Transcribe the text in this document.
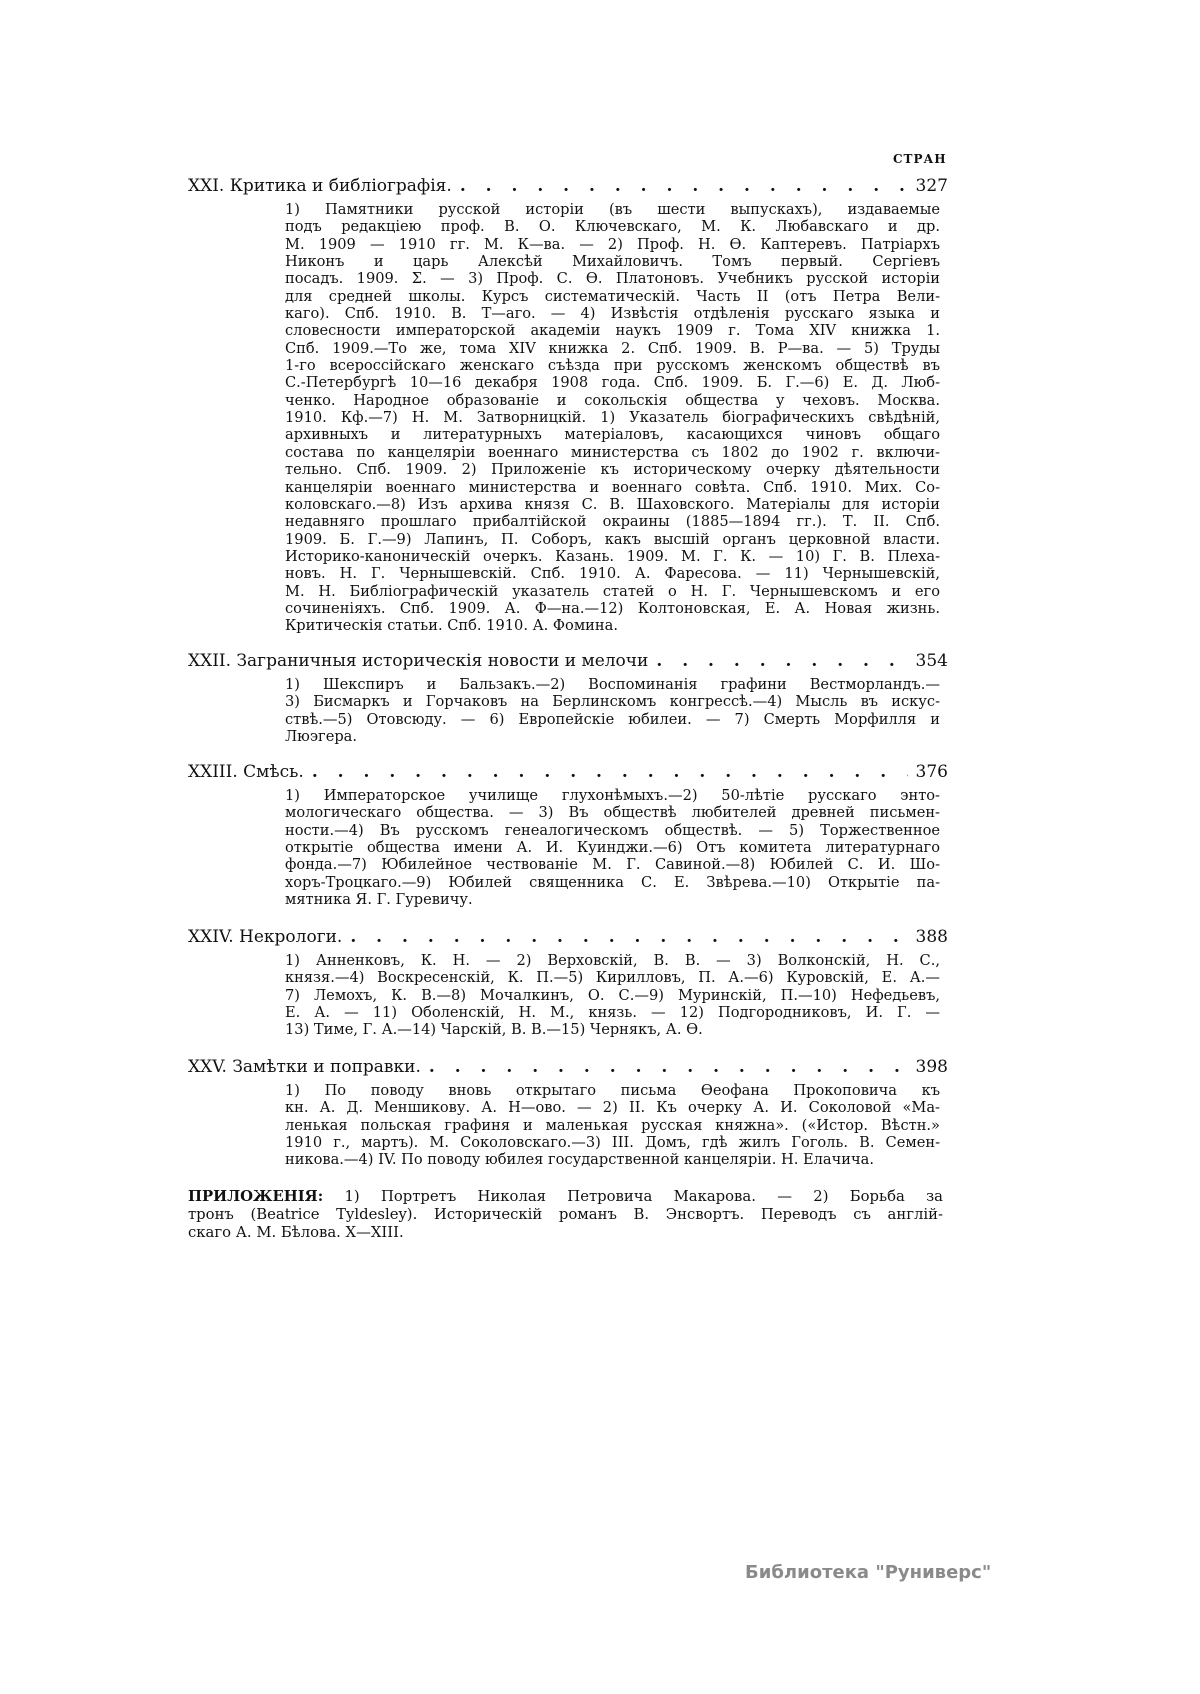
СТРАН
XXI. Критика и библіографія. . . .	327
1) Памятники русской исторіи (въ шести выпускахъ), издаваемые
подъ редакціею проф. В. О. Ключевскаго, М. К. Любавскаго и др.
М. 1909 — 1910 гг. М. К—ва. — 2) Проф. Н. Ѳ. Каптеревъ. Патріархъ
Никонъ и царь Алексѣй Михайловичъ. Томъ первый. Сергіевъ
посадъ. 1909. Σ. — 3) Проф. С. Ѳ. Платоновъ. Учебникъ русской исторіи
для средней школы. Курсъ систематическій. Часть II (отъ Петра Вели-
каго). Спб. 1910. В. Т—аго. — 4) Извѣстія отдѣленія русскаго языка и
словесности императорской академіи наукъ 1909 г. Тома XIV книжка 1.
Спб. 1909.—То же, тома XIV книжка 2. Спб. 1909. В. Р—ва. — 5) Труды
1-го всероссійскаго женскаго съѣзда при русскомъ женскомъ обществѣ въ
С.-Петербургѣ 10—16 декабря 1908 года. Спб. 1909. Б. Г.—6) Е. Д. Люб-
ченко. Народное образованіе и сокольскія общества у чеховъ. Москва.
1910. Кф.—7) Н. М. Затворницкій. 1) Указатель біографическихъ свѣдѣній,
архивныхъ и литературныхъ матеріаловъ, касающихся чиновъ общаго
состава по канцеляріи военнаго министерства съ 1802 до 1902 г. включи-
тельно. Спб. 1909. 2) Приложеніе къ историческому очерку дѣятельности
канцеляріи военнаго министерства и военнаго совѣта. Спб. 1910. Мих. Со-
коловскаго.—8) Изъ архива князя С. В. Шаховского. Матеріалы для исторіи
недавняго прошлаго прибалтійской окраины (1885—1894 гг.). Т. II. Спб.
1909. Б. Г.—9) Лапинъ, П. Соборъ, какъ высшій органъ церковной власти.
Историко-каноническій очеркъ. Казань. 1909. М. Г. К. — 10) Г. В. Плеха-
новъ. Н. Г. Чернышевскій. Спб. 1910. А. Фаресова. — 11) Чернышевскій,
М. Н. Библіографическій указатель статей о Н. Г. Чернышевскомъ и его
сочиненіяхъ. Спб. 1909. А. Ф—на.—12) Колтоновская, Е. А. Новая жизнь.
Критическія статьи. Спб. 1910. А. Фомина.
XXII. Заграничныя историческія новости и мелочи . . .	354
1) Шекспиръ и Бальзакъ.—2) Воспоминанія графини Вестморландъ.—
3) Бисмаркъ и Горчаковъ на Берлинскомъ конгрессѣ.—4) Мысль въ искус-
ствѣ.—5) Отовсюду. — 6) Европейскіе юбилеи. — 7) Смерть Морфилля и
Люэгера.
XXIII. Смѣсь. . . .	376
1) Императорское училище глухонѣмыхъ.—2) 50-лѣтіе русскаго энто-
мологическаго общества. — 3) Въ обществѣ любителей древней письмен-
ности.—4) Въ русскомъ генеалогическомъ обществѣ. — 5) Торжественное
открытіе общества имени А. И. Куинджи.—6) Отъ комитета литературнаго
фонда.—7) Юбилейное чествованіе М. Г. Савиной.—8) Юбилей С. И. Шо-
хоръ-Троцкаго.—9) Юбилей священника С. Е. Звѣрева.—10) Открытіе па-
мятника Я. Г. Гуревичу.
XXIV. Некрологи. . . .	388
1) Анненковъ, К. Н. — 2) Верховскій, В. В. — 3) Волконскій, Н. С.,
князя.—4) Воскресенскій, К. П.—5) Кирилловъ, П. А.—6) Куровскій, Е. А.—
7) Лемохъ, К. В.—8) Мочалкинъ, О. С.—9) Муринскій, П.—10) Нефедьевъ,
Е. А. — 11) Оболенскій, Н. М., князь. — 12) Подгородниковъ, И. Г. —
13) Тиме, Г. А.—14) Чарскій, В. В.—15) Чернякъ, А. Ѳ.
XXV. Замѣтки и поправки. . . .	398
1) По поводу вновь открытаго письма Ѳеофана Прокоповича къ
кн. А. Д. Меншикову. А. Н—ово. — 2) II. Къ очерку А. И. Соколовой «Ма-
ленькая польская графиня и маленькая русская княжна». («Истор. Вѣстн.»
1910 г., мартъ). М. Соколовскаго.—3) III. Домъ, гдѣ жилъ Гоголь. В. Семен-
никова.—4) IV. По поводу юбилея государственной канцеляріи. Н. Елачича.
ПРИЛОЖЕНІЯ: 1) Портретъ Николая Петровича Макарова. — 2) Борьба за
тронъ (Beatrice Tyldesley). Историческій романъ В. Энсвортъ. Переводъ съ англій-
скаго А. М. Бѣлова. X—XIII.
Библиотека "Руниверс"
